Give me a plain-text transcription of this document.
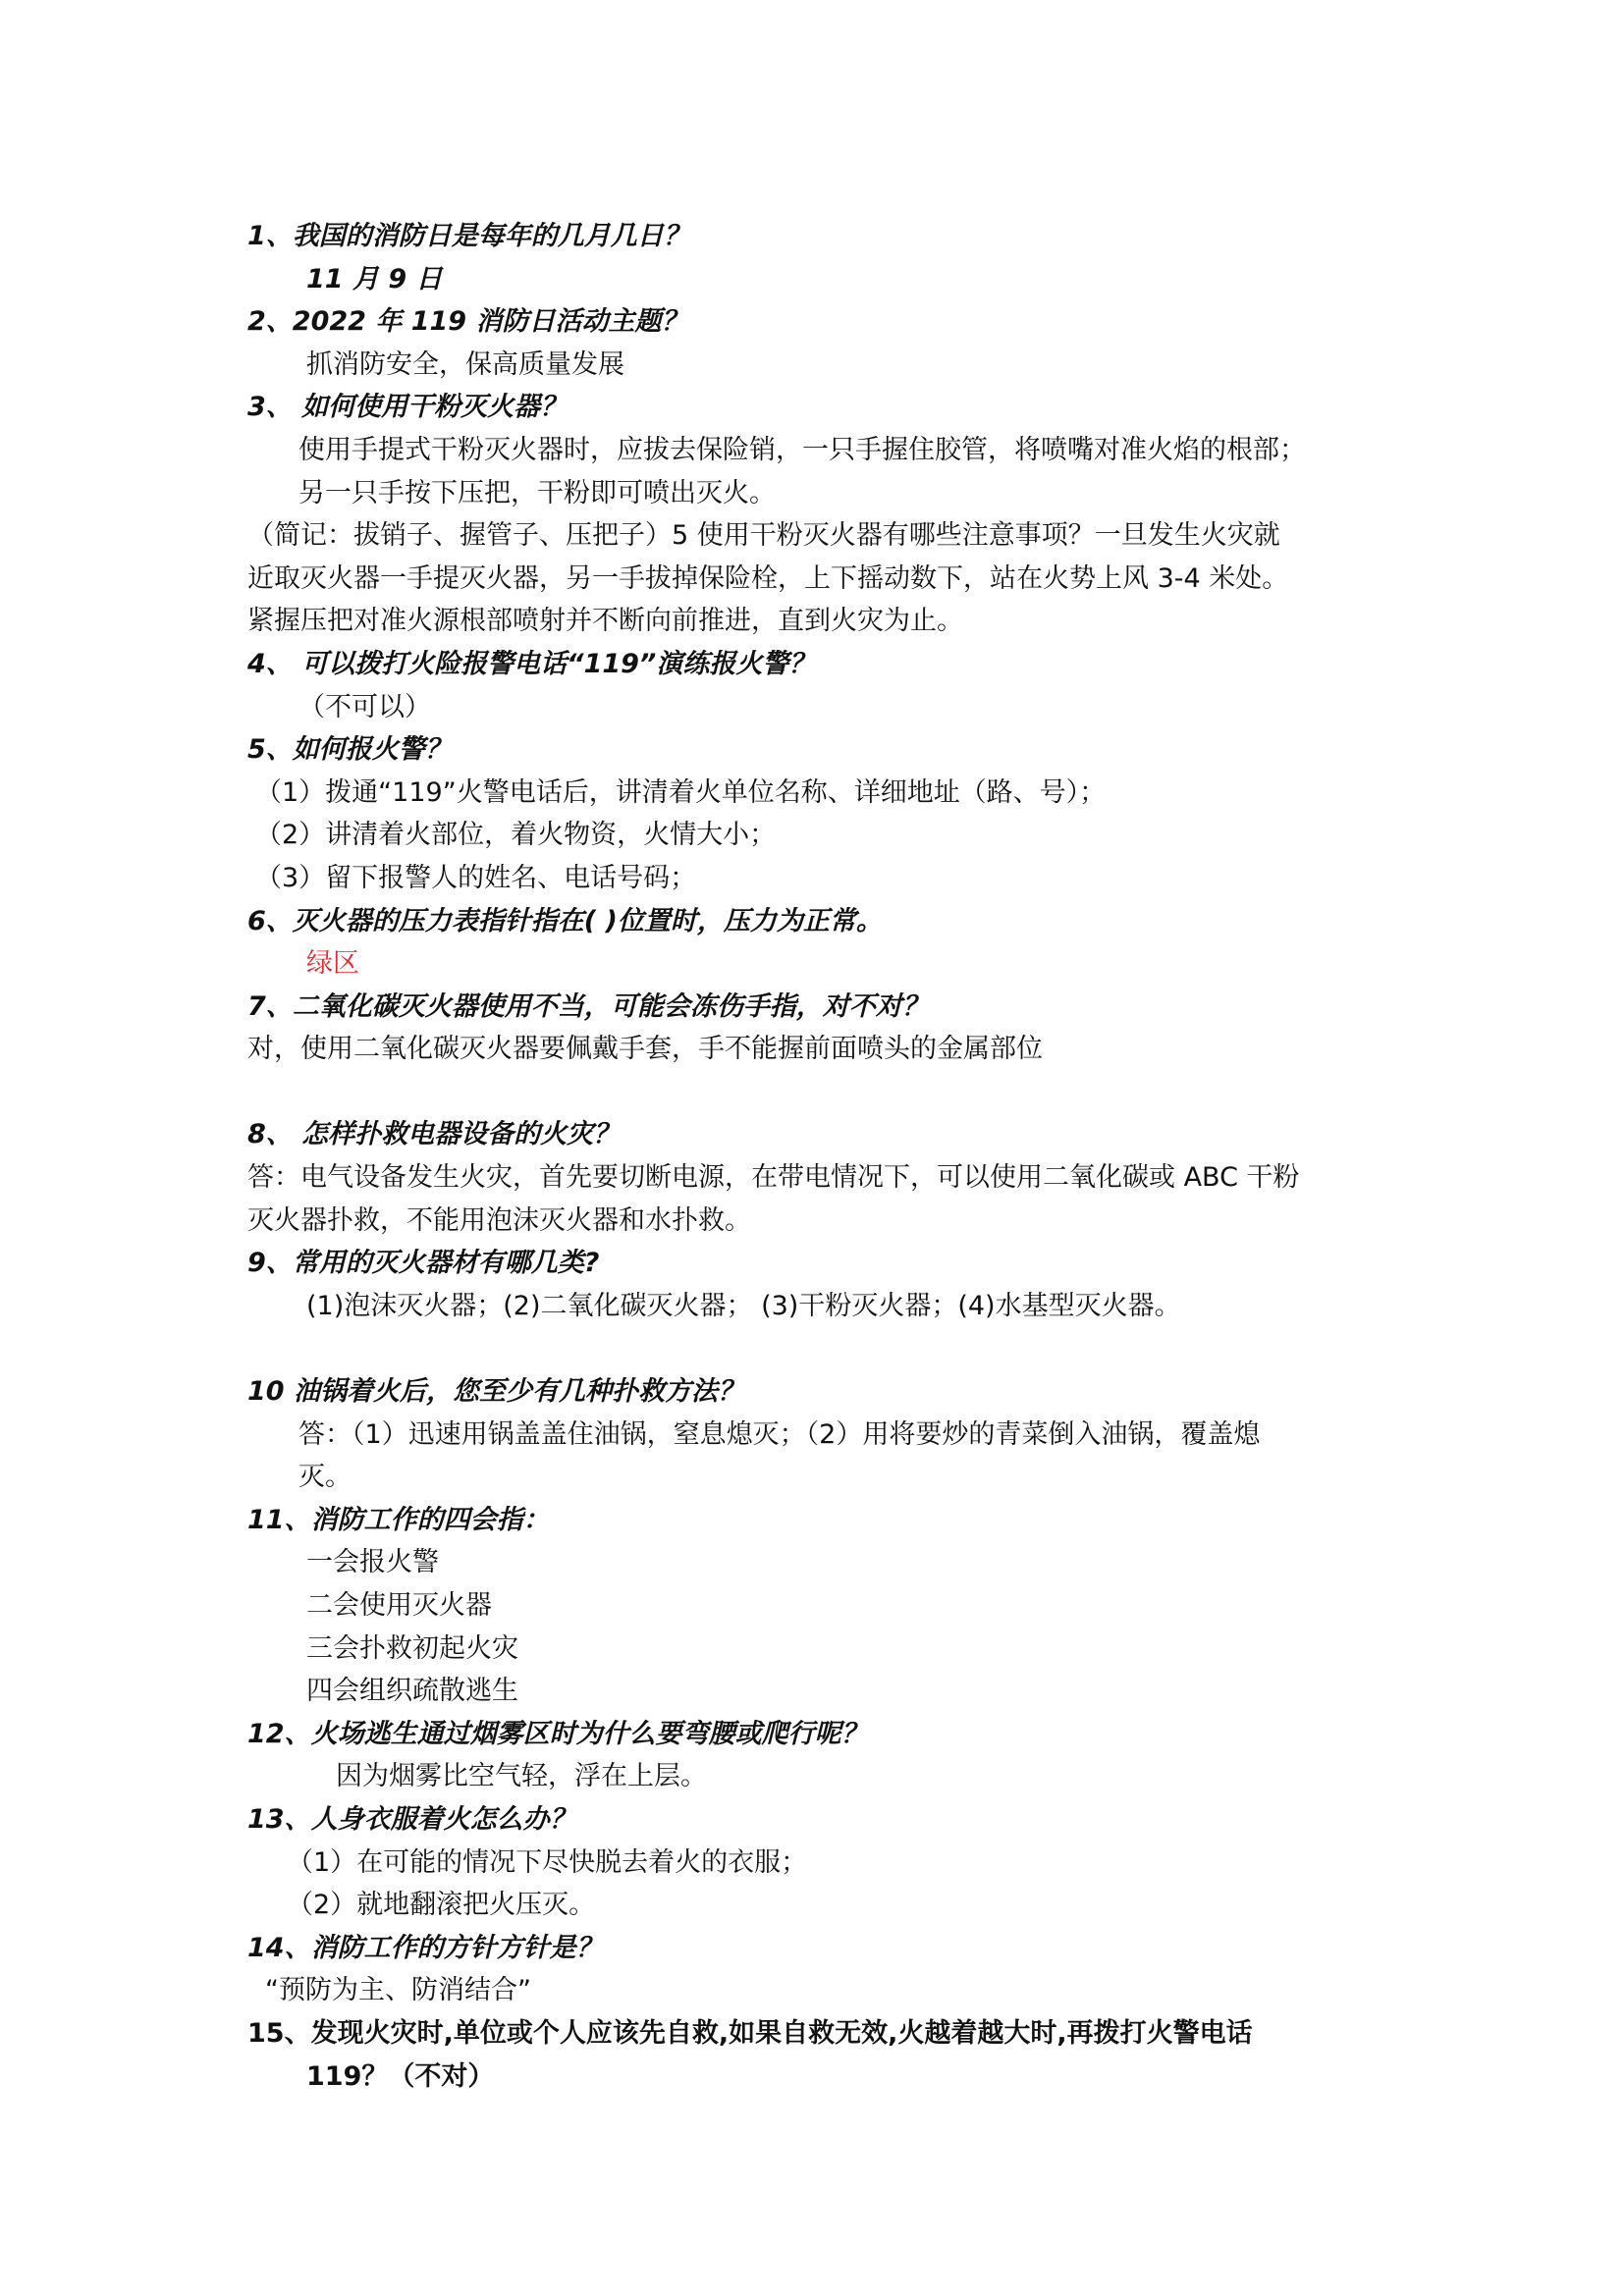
1、我国的消防日是每年的几月几日？
11 月 9 日
2、2022 年 119 消防日活动主题？
抓消防安全，保高质量发展
3、 如何使用干粉灭火器？
使用手提式干粉灭火器时，应拔去保险销，一只手握住胶管，将喷嘴对准火焰的根部；
另一只手按下压把，干粉即可喷出灭火。
（简记：拔销子、握管子、压把子）5 使用干粉灭火器有哪些注意事项？一旦发生火灾就
近取灭火器一手提灭火器，另一手拔掉保险栓，上下摇动数下，站在火势上风 3-4 米处。
紧握压把对准火源根部喷射并不断向前推进，直到火灾为止。
4、 可以拨打火险报警电话“119”演练报火警？
（不可以）
5、如何报火警？
（1）拨通“119”火警电话后，讲清着火单位名称、详细地址（路、号）；
（2）讲清着火部位，着火物资，火情大小；
（3）留下报警人的姓名、电话号码；
6、灭火器的压力表指针指在( )位置时，压力为正常。
绿区
7、二氧化碳灭火器使用不当，可能会冻伤手指，对不对？
对，使用二氧化碳灭火器要佩戴手套，手不能握前面喷头的金属部位
8、 怎样扑救电器设备的火灾？
答：电气设备发生火灾，首先要切断电源，在带电情况下，可以使用二氧化碳或 ABC 干粉
灭火器扑救，不能用泡沫灭火器和水扑救。
9、常用的灭火器材有哪几类?
(1)泡沫灭火器；(2)二氧化碳灭火器； (3)干粉灭火器；(4)水基型灭火器。
10 油锅着火后，您至少有几种扑救方法？
答：（1）迅速用锅盖盖住油锅，窒息熄灭；（2）用将要炒的青菜倒入油锅，覆盖熄
灭。
11、消防工作的四会指：
一会报火警
二会使用灭火器
三会扑救初起火灾
四会组织疏散逃生
12、火场逃生通过烟雾区时为什么要弯腰或爬行呢？
因为烟雾比空气轻，浮在上层。
13、人身衣服着火怎么办？
（1）在可能的情况下尽快脱去着火的衣服；
（2）就地翻滚把火压灭。
14、消防工作的方针方针是？
“预防为主、防消结合”
15、发现火灾时,单位或个人应该先自救,如果自救无效,火越着越大时,再拨打火警电话
119？（不对）
